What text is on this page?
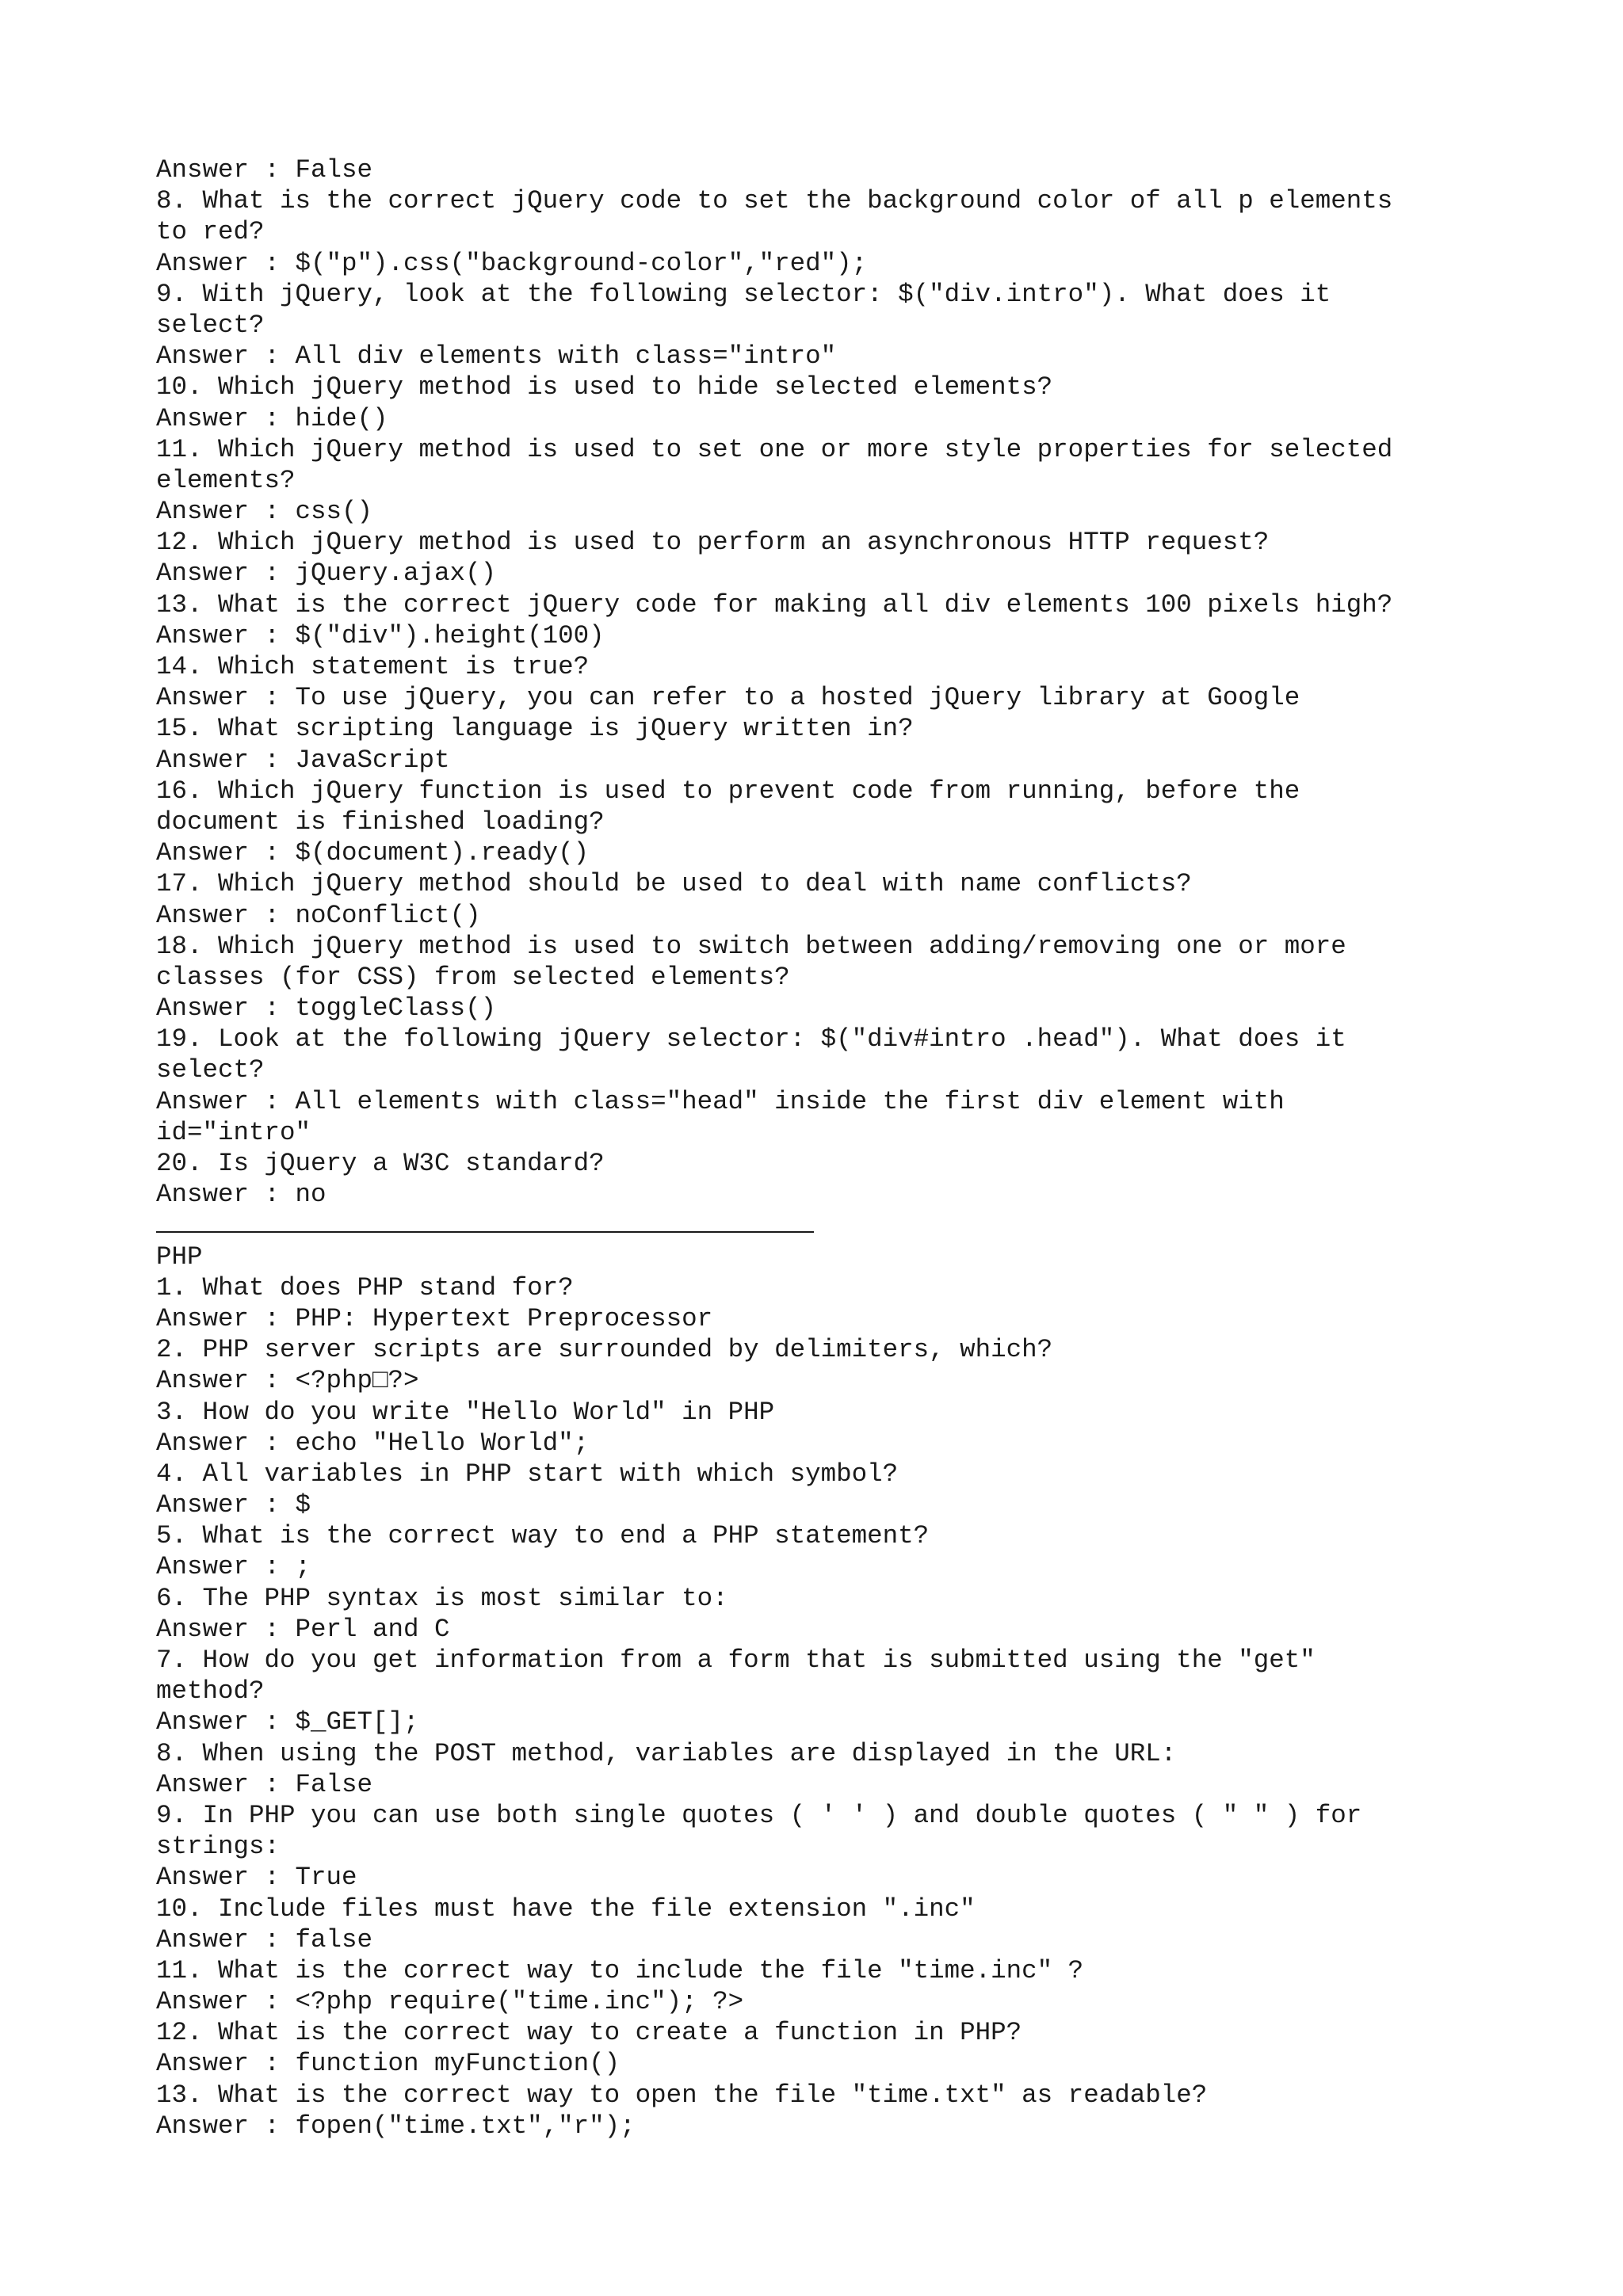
Answer : False
8. What is the correct jQuery code to set the background color of all p elements
to red?
Answer : $("p").css("background-color","red");
9. With jQuery, look at the following selector: $("div.intro"). What does it
select?
Answer : All div elements with class="intro"
10. Which jQuery method is used to hide selected elements?
Answer : hide()
11. Which jQuery method is used to set one or more style properties for selected
elements?
Answer : css()
12. Which jQuery method is used to perform an asynchronous HTTP request?
Answer : jQuery.ajax()
13. What is the correct jQuery code for making all div elements 100 pixels high?
Answer : $("div").height(100)
14. Which statement is true?
Answer : To use jQuery, you can refer to a hosted jQuery library at Google
15. What scripting language is jQuery written in?
Answer : JavaScript
16. Which jQuery function is used to prevent code from running, before the
document is finished loading?
Answer : $(document).ready()
17. Which jQuery method should be used to deal with name conflicts?
Answer : noConflict()
18. Which jQuery method is used to switch between adding/removing one or more
classes (for CSS) from selected elements?
Answer : toggleClass()
19. Look at the following jQuery selector: $("div#intro .head"). What does it
select?
Answer : All elements with class="head" inside the first div element with
id="intro"
20. Is jQuery a W3C standard?
Answer : no
PHP
1. What does PHP stand for?
Answer : PHP: Hypertext Preprocessor
2. PHP server scripts are surrounded by delimiters, which?
Answer : <?php□?>
3. How do you write "Hello World" in PHP
Answer : echo "Hello World";
4. All variables in PHP start with which symbol?
Answer : $
5. What is the correct way to end a PHP statement?
Answer : ;
6. The PHP syntax is most similar to:
Answer : Perl and C
7. How do you get information from a form that is submitted using the "get"
method?
Answer : $_GET[];
8. When using the POST method, variables are displayed in the URL:
Answer : False
9. In PHP you can use both single quotes ( ' ' ) and double quotes ( " " ) for
strings:
Answer : True
10. Include files must have the file extension ".inc"
Answer : false
11. What is the correct way to include the file "time.inc" ?
Answer : <?php require("time.inc"); ?>
12. What is the correct way to create a function in PHP?
Answer : function myFunction()
13. What is the correct way to open the file "time.txt" as readable?
Answer : fopen("time.txt","r");
